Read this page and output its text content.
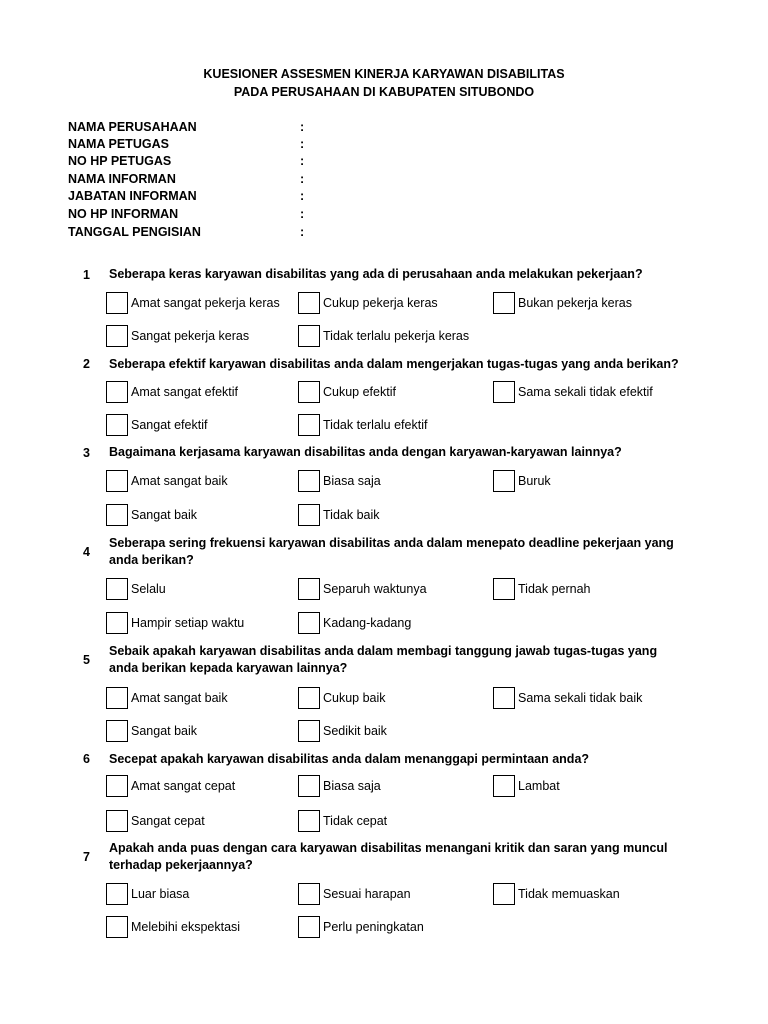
KUESIONER ASSESMEN KINERJA KARYAWAN DISABILITAS
PADA PERUSAHAAN DI KABUPATEN SITUBONDO
NAMA PERUSAHAAN	:
NAMA PETUGAS	:
NO HP PETUGAS	:
NAMA INFORMAN	:
JABATAN INFORMAN	:
NO HP INFORMAN	:
TANGGAL PENGISIAN	:
1 Seberapa keras karyawan disabilitas yang ada di perusahaan anda melakukan pekerjaan?
Amat sangat pekerja keras	Cukup pekerja keras	Bukan pekerja keras
Sangat pekerja keras	Tidak terlalu pekerja keras
2 Seberapa efektif karyawan disabilitas anda dalam mengerjakan tugas-tugas yang anda berikan?
Amat sangat efektif	Cukup efektif	Sama sekali tidak efektif
Sangat efektif	Tidak terlalu efektif
3 Bagaimana kerjasama karyawan disabilitas anda dengan karyawan-karyawan lainnya?
Amat sangat baik	Biasa saja	Buruk
Sangat baik	Tidak baik
4
Seberapa sering frekuensi karyawan disabilitas anda dalam menepato deadline pekerjaan yang anda berikan?
Selalu	Separuh waktunya	Tidak pernah
Hampir setiap waktu	Kadang-kadang
5
Sebaik apakah karyawan disabilitas anda dalam membagi tanggung jawab tugas-tugas yang anda berikan kepada karyawan lainnya?
Amat sangat baik	Cukup baik	Sama sekali tidak baik
Sangat baik	Sedikit baik
6 Secepat apakah karyawan disabilitas anda dalam menanggapi permintaan anda?
Amat sangat cepat	Biasa saja	Lambat
Sangat cepat	Tidak cepat
7
Apakah anda puas dengan cara karyawan disabilitas menangani kritik dan saran yang muncul terhadap pekerjaannya?
Luar biasa	Sesuai harapan	Tidak memuaskan
Melebihi ekspektasi	Perlu peningkatan
